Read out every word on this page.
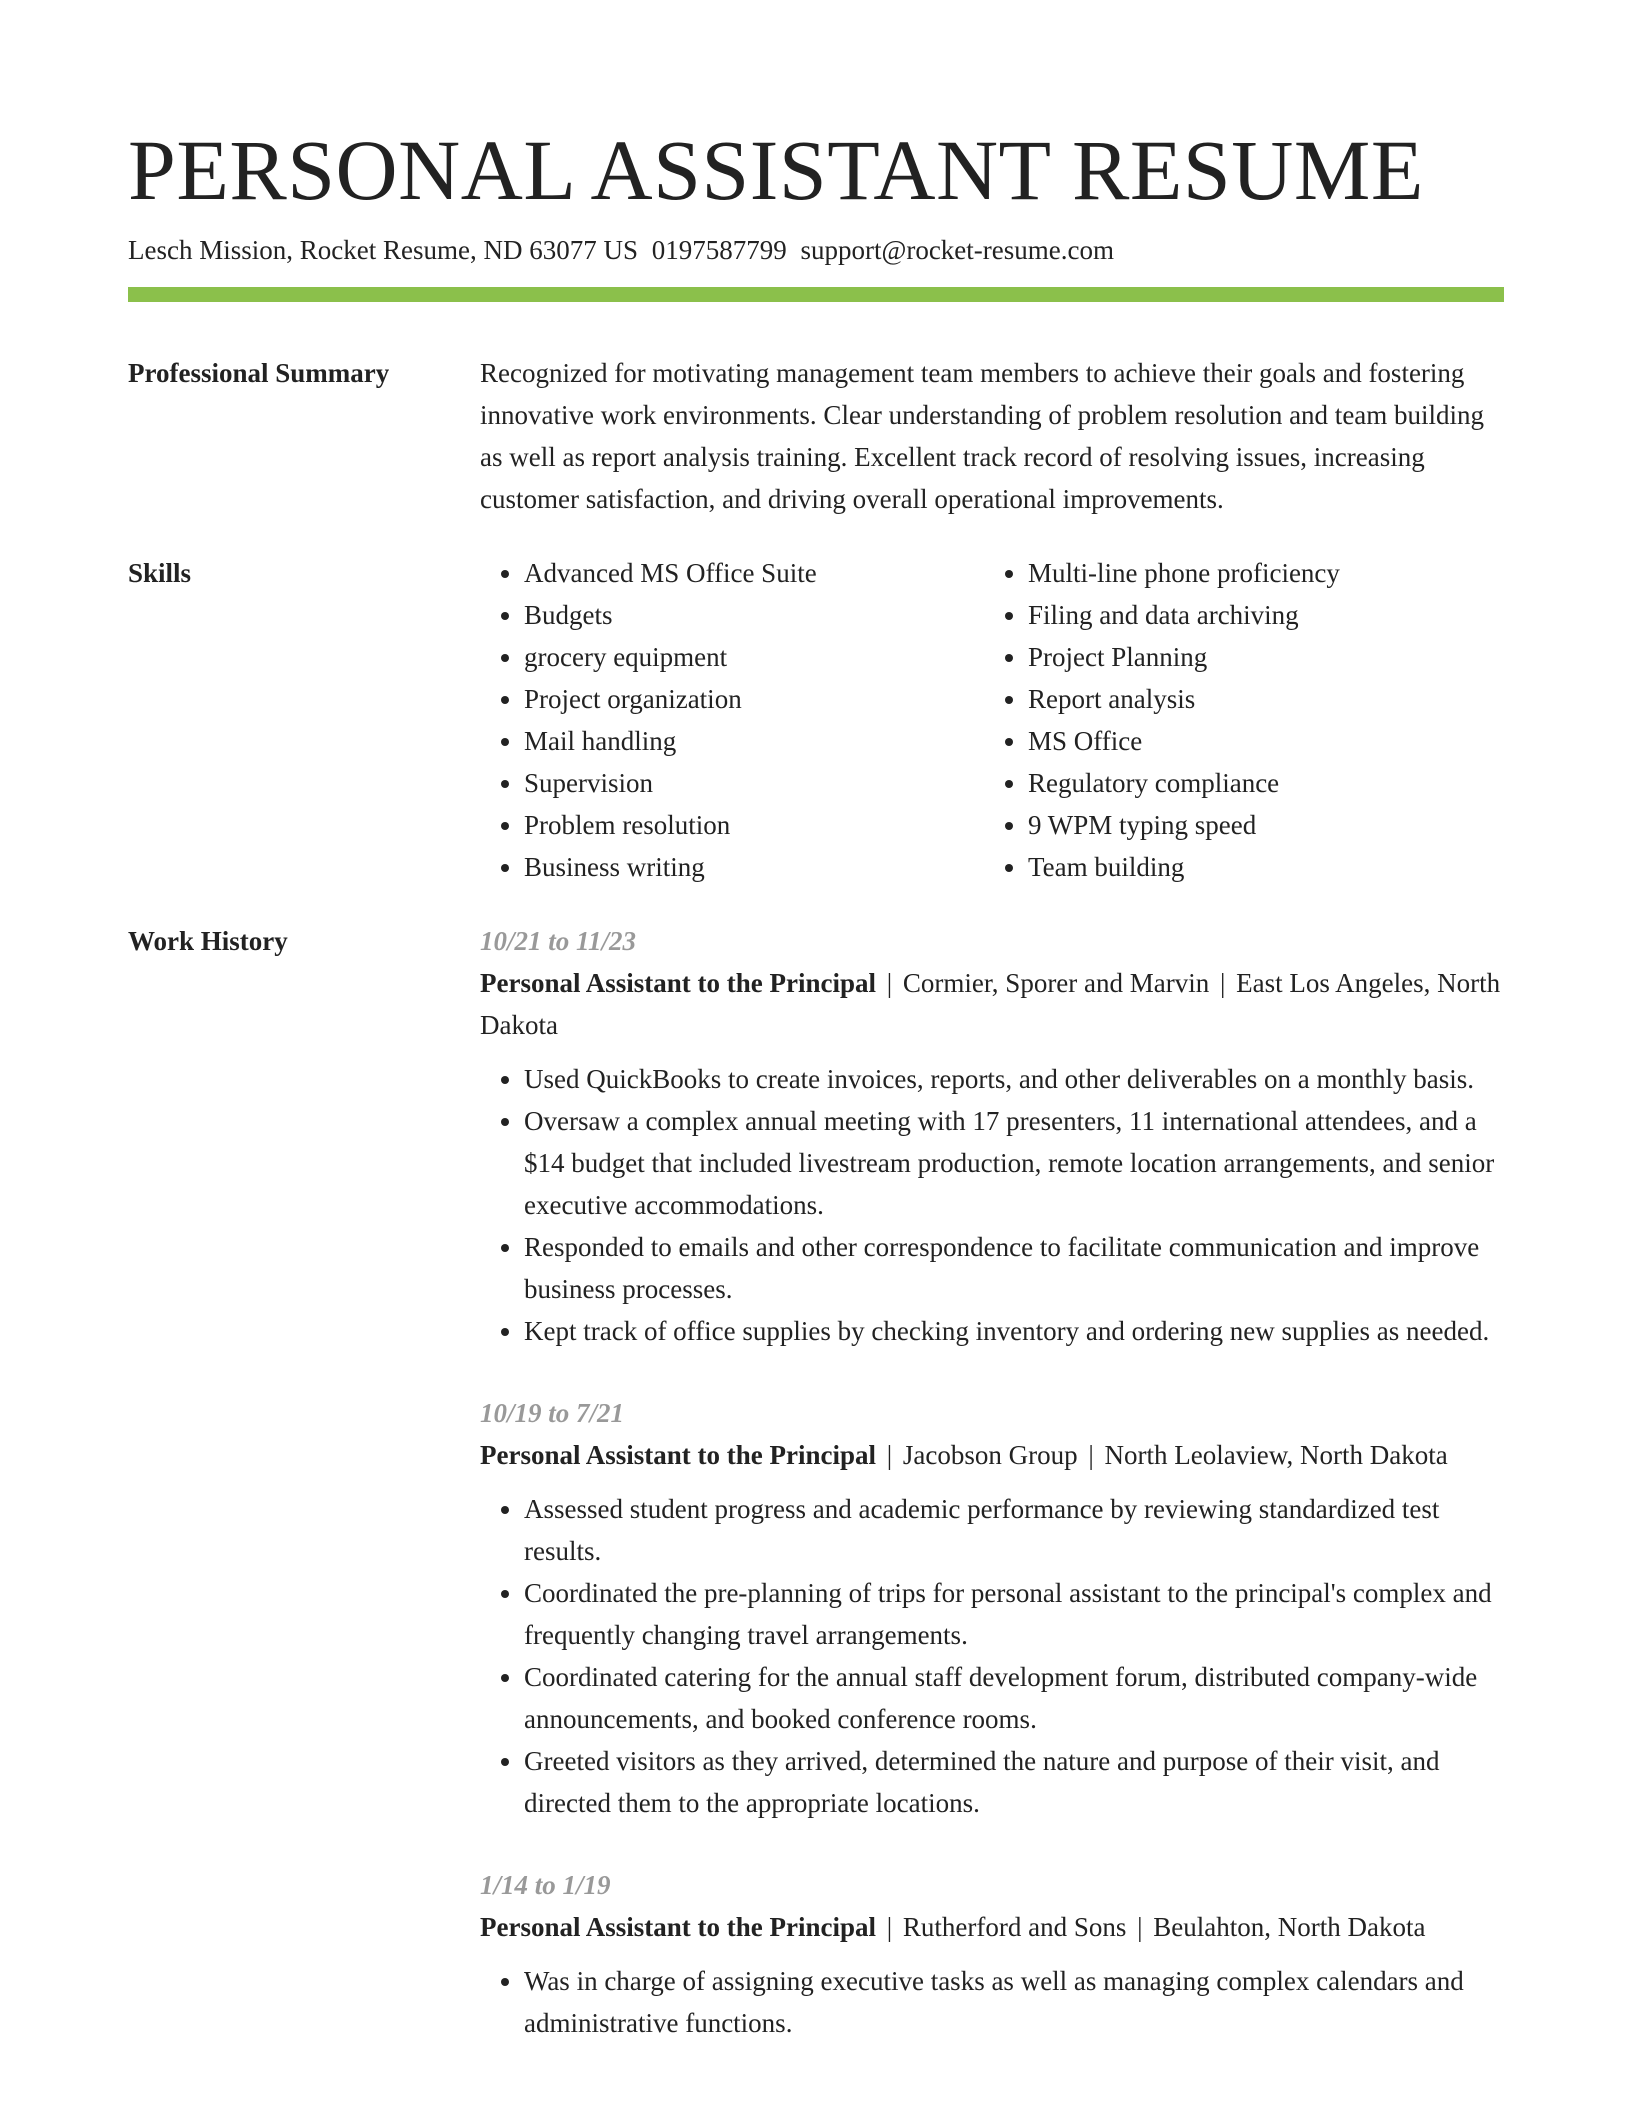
PERSONAL ASSISTANT RESUME
Lesch Mission, Rocket Resume, ND 63077 US 0197587799 support@rocket-resume.com
Professional Summary	Recognized for motivating management team members to achieve their goals and fostering innovative work environments. Clear understanding of problem resolution and team building as well as report analysis training. Excellent track record of resolving issues, increasing customer satisfaction, and driving overall operational improvements.

Skills
•	Advanced MS Office Suite
• Budgets
• grocery equipment
• Project organization
• Mail handling
• Supervision
• Problem resolution
• Business writing
• Multi-line phone proficiency
• Filing and data archiving
• Project Planning
• Report analysis
• MS Office
• Regulatory compliance
• 9 WPM typing speed
• Team building
Work History	10/21 to 11/23
Personal Assistant to the Principal | Cormier, Sporer and Marvin | East Los Angeles, North Dakota
• Used QuickBooks to create invoices, reports, and other deliverables on a monthly basis.
• Oversaw a complex annual meeting with 17 presenters, 11 international attendees, and a $14 budget that included livestream production, remote location arrangements, and senior executive accommodations.
• Responded to emails and other correspondence to facilitate communication and improve business processes.
• Kept track of office supplies by checking inventory and ordering new supplies as needed.
10/19 to 7/21
Personal Assistant to the Principal | Jacobson Group | North Leolaview, North Dakota
• Assessed student progress and academic performance by reviewing standardized test results.
• Coordinated the pre-planning of trips for personal assistant to the principal's complex and frequently changing travel arrangements.
• Coordinated catering for the annual staff development forum, distributed company-wide announcements, and booked conference rooms.
• Greeted visitors as they arrived, determined the nature and purpose of their visit, and directed them to the appropriate locations.
1/14 to 1/19
Personal Assistant to the Principal | Rutherford and Sons | Beulahton, North Dakota
• Was in charge of assigning executive tasks as well as managing complex calendars and administrative functions.
